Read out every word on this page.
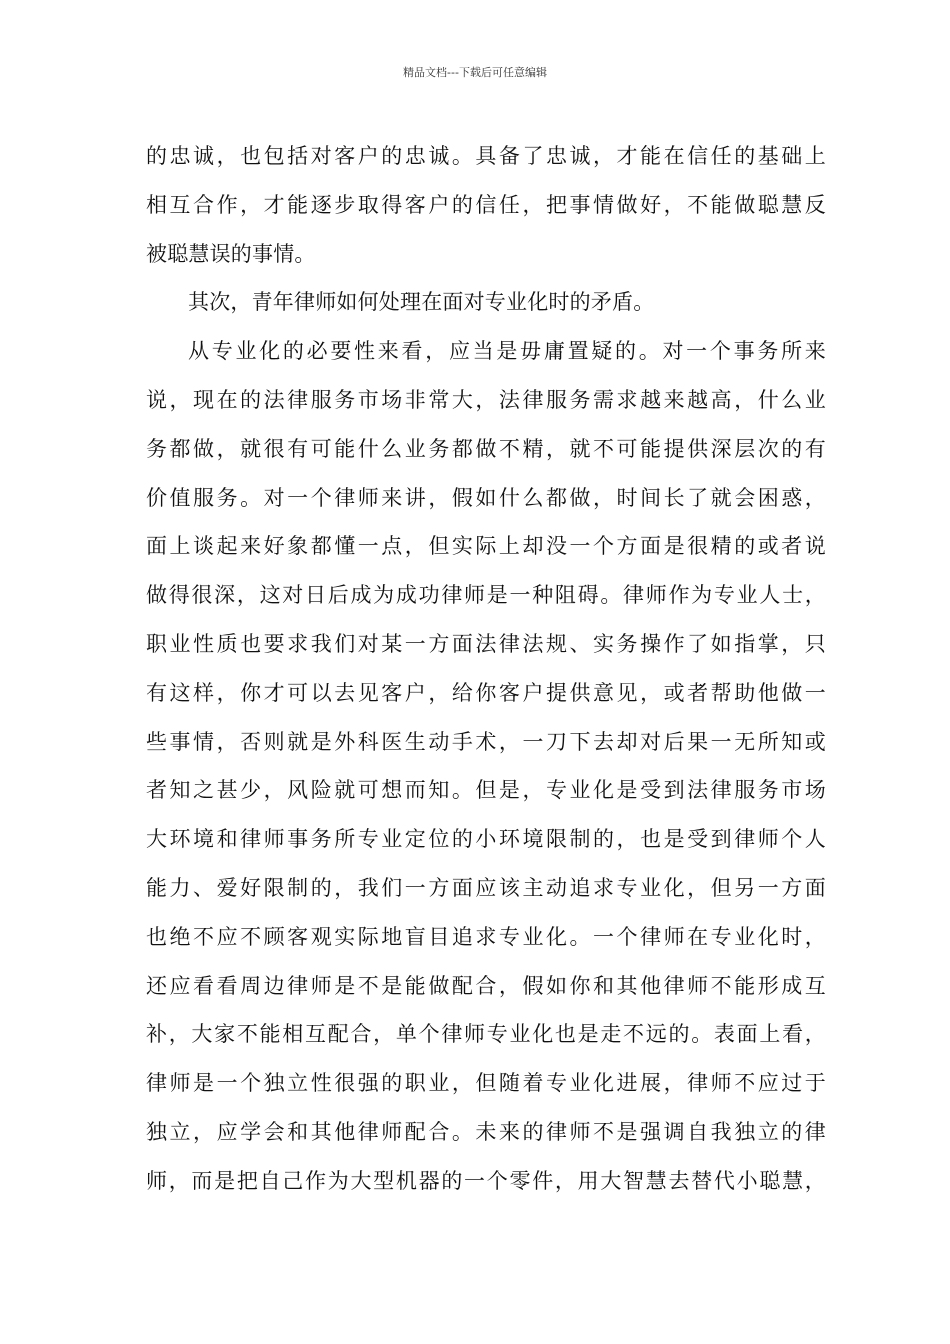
精品文档---下载后可任意编辑
的忠诚，也包括对客户的忠诚。具备了忠诚，才能在信任的基础上
相互合作，才能逐步取得客户的信任，把事情做好，不能做聪慧反
被聪慧误的事情。
其次，青年律师如何处理在面对专业化时的矛盾。
从专业化的必要性来看，应当是毋庸置疑的。对一个事务所来
说，现在的法律服务市场非常大，法律服务需求越来越高，什么业
务都做，就很有可能什么业务都做不精，就不可能提供深层次的有
价值服务。对一个律师来讲，假如什么都做，时间长了就会困惑，
面上谈起来好象都懂一点，但实际上却没一个方面是很精的或者说
做得很深，这对日后成为成功律师是一种阻碍。律师作为专业人士，
职业性质也要求我们对某一方面法律法规、实务操作了如指掌，只
有这样，你才可以去见客户，给你客户提供意见，或者帮助他做一
些事情，否则就是外科医生动手术，一刀下去却对后果一无所知或
者知之甚少，风险就可想而知。但是，专业化是受到法律服务市场
大环境和律师事务所专业定位的小环境限制的，也是受到律师个人
能力、爱好限制的，我们一方面应该主动追求专业化，但另一方面
也绝不应不顾客观实际地盲目追求专业化。一个律师在专业化时，
还应看看周边律师是不是能做配合，假如你和其他律师不能形成互
补，大家不能相互配合，单个律师专业化也是走不远的。表面上看，
律师是一个独立性很强的职业，但随着专业化进展，律师不应过于
独立，应学会和其他律师配合。未来的律师不是强调自我独立的律
师，而是把自己作为大型机器的一个零件，用大智慧去替代小聪慧，
